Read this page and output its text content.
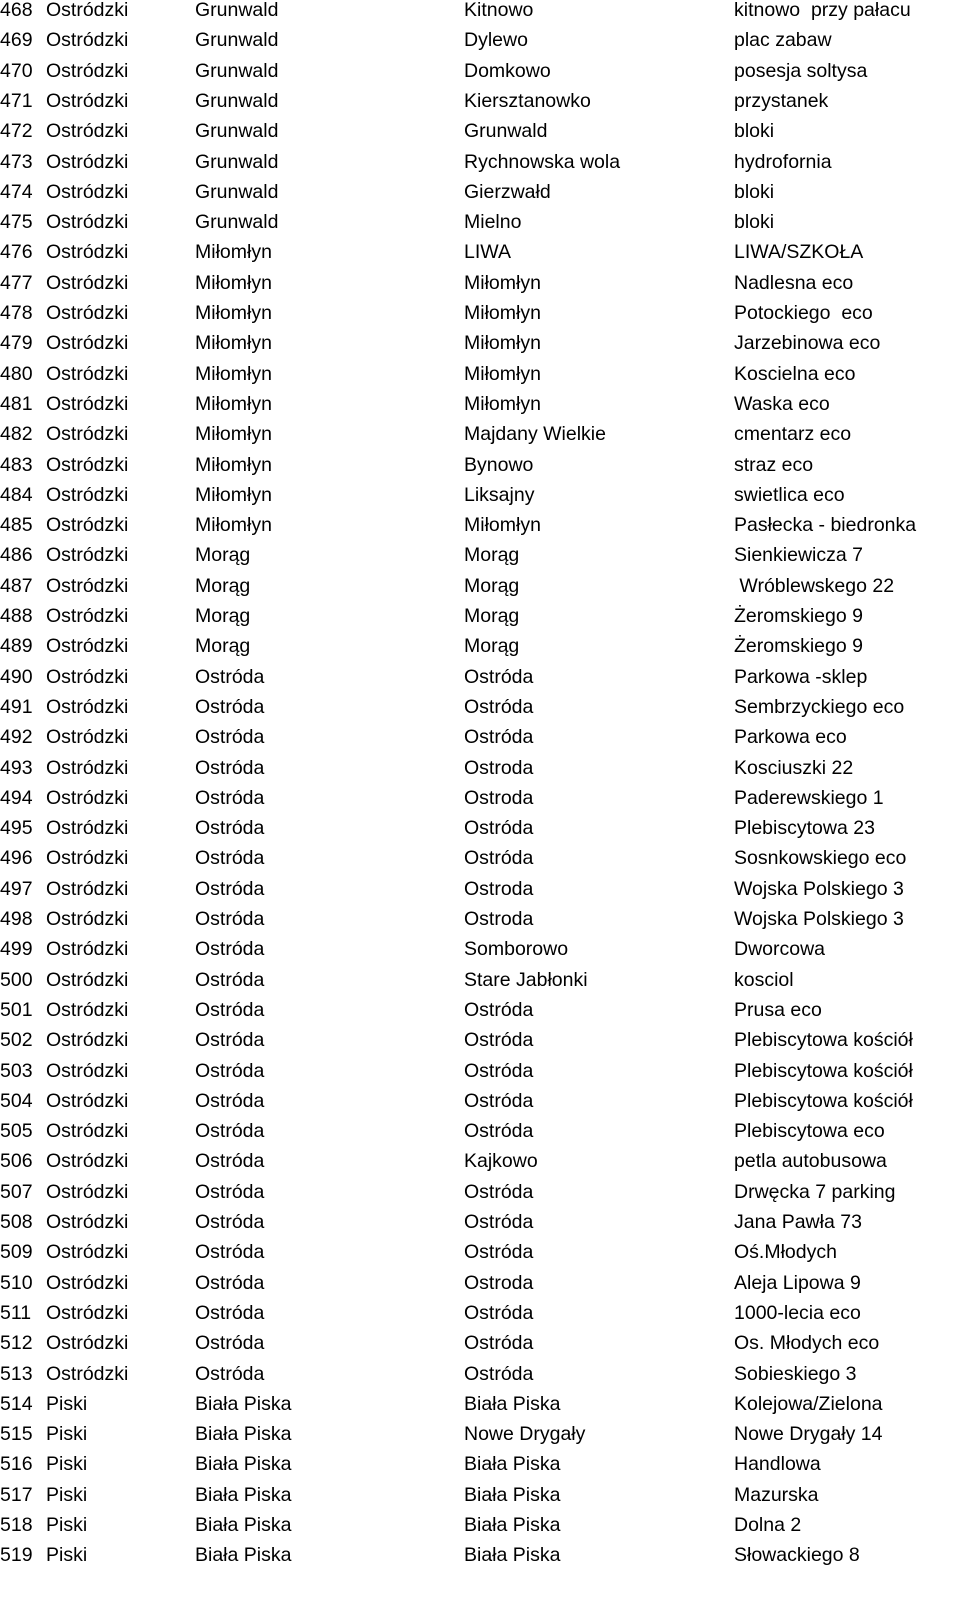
468 Ostródzki	Grunwald	Kitnowo	kitnowo  przy pałacu
469 Ostródzki	Grunwald	Dylewo	plac zabaw
470 Ostródzki	Grunwald	Domkowo	posesja soltysa
471 Ostródzki	Grunwald	Kiersztanowko	przystanek
472 Ostródzki	Grunwald	Grunwald	bloki
473 Ostródzki	Grunwald	Rychnowska wola	hydrofornia
474 Ostródzki	Grunwald	Gierzwałd	bloki
475 Ostródzki	Grunwald	Mielno	bloki
476 Ostródzki	Miłomłyn	LIWA	LIWA/SZKOŁA
477 Ostródzki	Miłomłyn	Miłomłyn	Nadlesna eco
478 Ostródzki	Miłomłyn	Miłomłyn	Potockiego  eco
479 Ostródzki	Miłomłyn	Miłomłyn	Jarzebinowa eco
480 Ostródzki	Miłomłyn	Miłomłyn	Koscielna eco
481 Ostródzki	Miłomłyn	Miłomłyn	Waska eco
482 Ostródzki	Miłomłyn	Majdany Wielkie	cmentarz eco
483 Ostródzki	Miłomłyn	Bynowo	straz eco
484 Ostródzki	Miłomłyn	Liksajny	swietlica eco
485 Ostródzki	Miłomłyn	Miłomłyn	Pasłecka - biedronka
486 Ostródzki	Morąg	Morąg	Sienkiewicza 7
487 Ostródzki	Morąg	Morąg	Wróblewskego 22
488 Ostródzki	Morąg	Morąg	Żeromskiego 9
489 Ostródzki	Morąg	Morąg	Żeromskiego 9
490 Ostródzki	Ostróda	Ostróda	Parkowa -sklep
491 Ostródzki	Ostróda	Ostróda	Sembrzyckiego eco
492 Ostródzki	Ostróda	Ostróda	Parkowa eco
493 Ostródzki	Ostróda	Ostroda	Kosciuszki 22
494 Ostródzki	Ostróda	Ostroda	Paderewskiego 1
495 Ostródzki	Ostróda	Ostróda	Plebiscytowa 23
496 Ostródzki	Ostróda	Ostróda	Sosnkowskiego eco
497 Ostródzki	Ostróda	Ostroda	Wojska Polskiego 3
498 Ostródzki	Ostróda	Ostroda	Wojska Polskiego 3
499 Ostródzki	Ostróda	Somborowo	Dworcowa
500 Ostródzki	Ostróda	Stare Jabłonki	kosciol
501 Ostródzki	Ostróda	Ostróda	Prusa eco
502 Ostródzki	Ostróda	Ostróda	Plebiscytowa kościół
503 Ostródzki	Ostróda	Ostróda	Plebiscytowa kościół
504 Ostródzki	Ostróda	Ostróda	Plebiscytowa kościół
505 Ostródzki	Ostróda	Ostróda	Plebiscytowa eco
506 Ostródzki	Ostróda	Kajkowo	petla autobusowa
507 Ostródzki	Ostróda	Ostróda	Drwęcka 7 parking
508 Ostródzki	Ostróda	Ostróda	Jana Pawła 73
509 Ostródzki	Ostróda	Ostróda	Oś.Młodych
510 Ostródzki	Ostróda	Ostroda	Aleja Lipowa 9
511 Ostródzki	Ostróda	Ostróda	1000-lecia eco
512 Ostródzki	Ostróda	Ostróda	Os. Młodych eco
513 Ostródzki	Ostróda	Ostróda	Sobieskiego 3
514 Piski	Biała Piska	Biała Piska	Kolejowa/Zielona
515 Piski	Biała Piska	Nowe Drygały	Nowe Drygały 14
516 Piski	Biała Piska	Biała Piska	Handlowa
517 Piski	Biała Piska	Biała Piska	Mazurska
518 Piski	Biała Piska	Biała Piska	Dolna 2
519 Piski	Biała Piska	Biała Piska	Słowackiego 8
